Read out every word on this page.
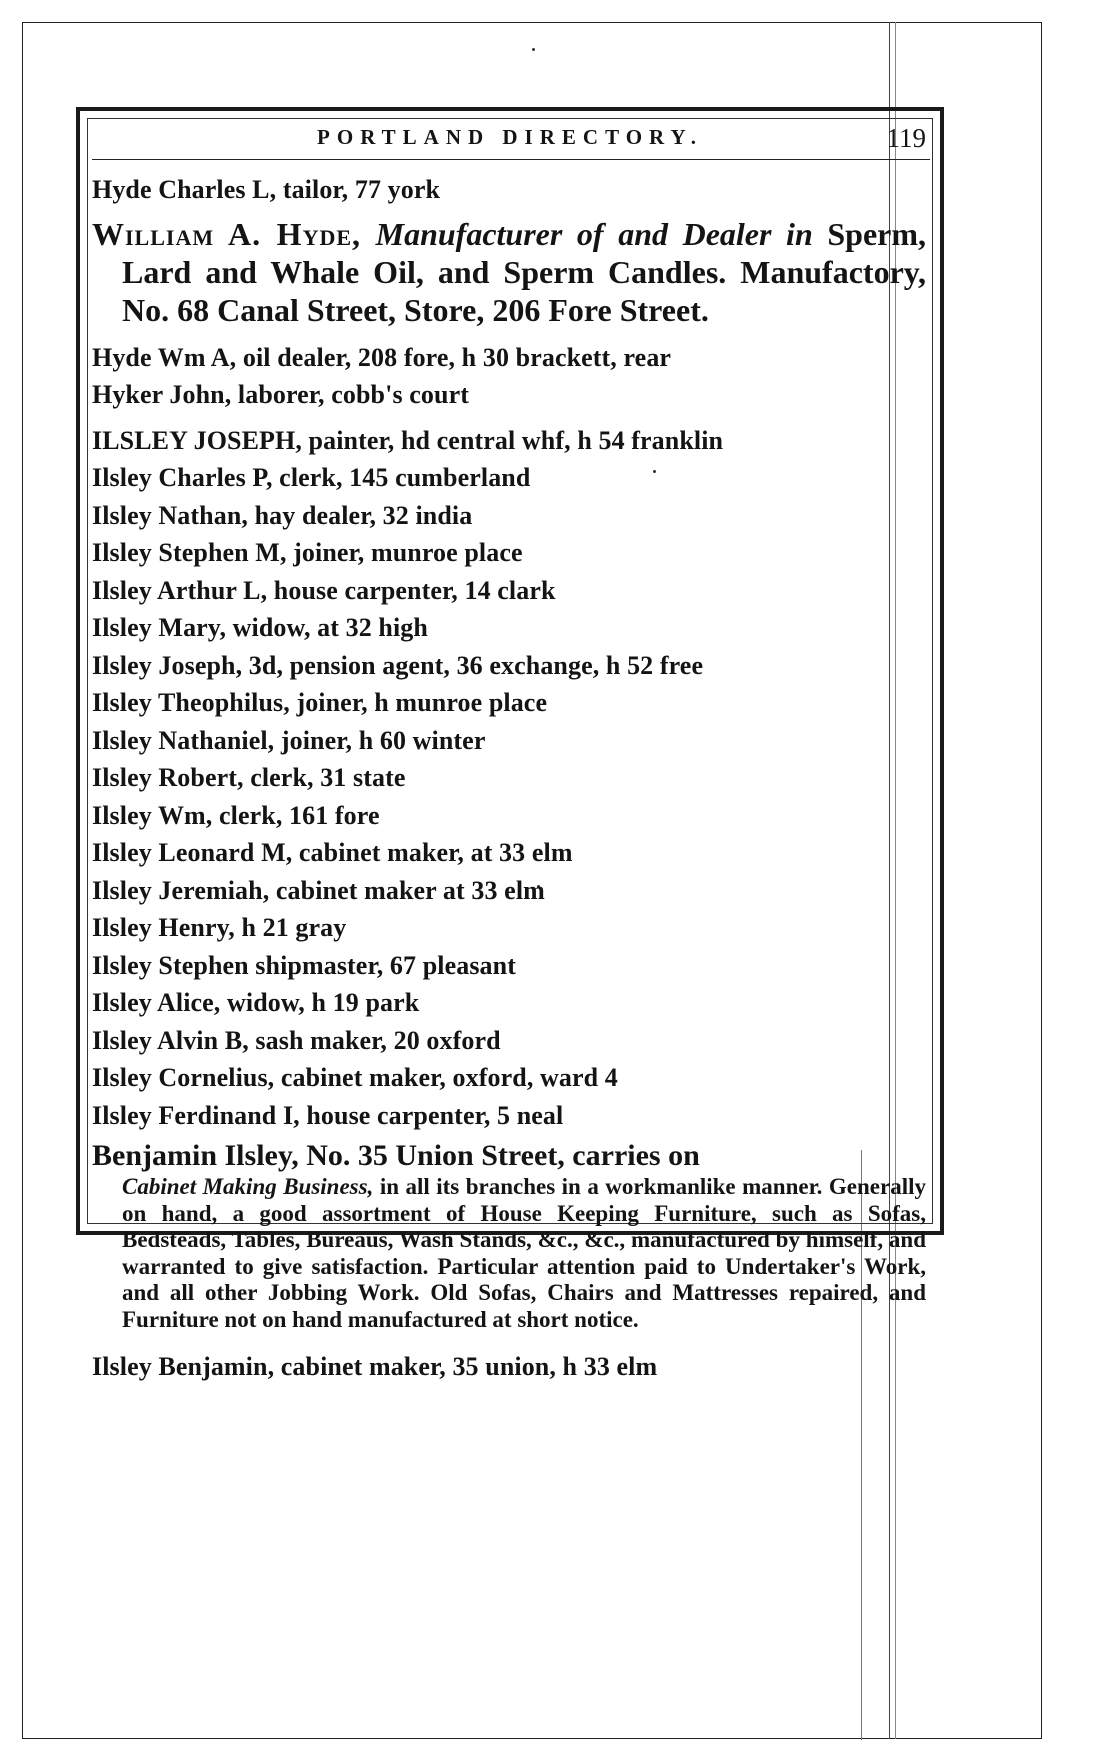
PORTLAND DIRECTORY.	119
Hyde Charles L, tailor, 77 york
William A. Hyde, Manufacturer of and Dealer in Sperm, Lard and Whale Oil, and Sperm Candles. Manufactory, No. 68 Canal Street, Store, 206 Fore Street.
Hyde Wm A, oil dealer, 208 fore, h 30 brackett, rear
Hyker John, laborer, cobb's court
ILSLEY JOSEPH, painter, hd central whf, h 54 franklin
Ilsley Charles P, clerk, 145 cumberland
Ilsley Nathan, hay dealer, 32 india
Ilsley Stephen M, joiner, munroe place
Ilsley Arthur L, house carpenter, 14 clark
Ilsley Mary, widow, at 32 high
Ilsley Joseph, 3d, pension agent, 36 exchange, h 52 free
Ilsley Theophilus, joiner, h munroe place
Ilsley Nathaniel, joiner, h 60 winter
Ilsley Robert, clerk, 31 state
Ilsley Wm, clerk, 161 fore
Ilsley Leonard M, cabinet maker, at 33 elm
Ilsley Jeremiah, cabinet maker at 33 elm
Ilsley Henry, h 21 gray
Ilsley Stephen shipmaster, 67 pleasant
Ilsley Alice, widow, h 19 park
Ilsley Alvin B, sash maker, 20 oxford
Ilsley Cornelius, cabinet maker, oxford, ward 4
Ilsley Ferdinand I, house carpenter, 5 neal
Benjamin Ilsley, No. 35 Union Street, carries on
Cabinet Making Business, in all its branches in a workmanlike manner. Generally on hand, a good assortment of House Keeping Furniture, such as Sofas, Bedsteads, Tables, Bureaus, Wash Stands, &c., &c., manufactured by himself, and warranted to give satisfaction. Particular attention paid to Undertaker's Work, and all other Jobbing Work. Old Sofas, Chairs and Mattresses repaired, and Furniture not on hand manufactured at short notice.
Ilsley Benjamin, cabinet maker, 35 union, h 33 elm
